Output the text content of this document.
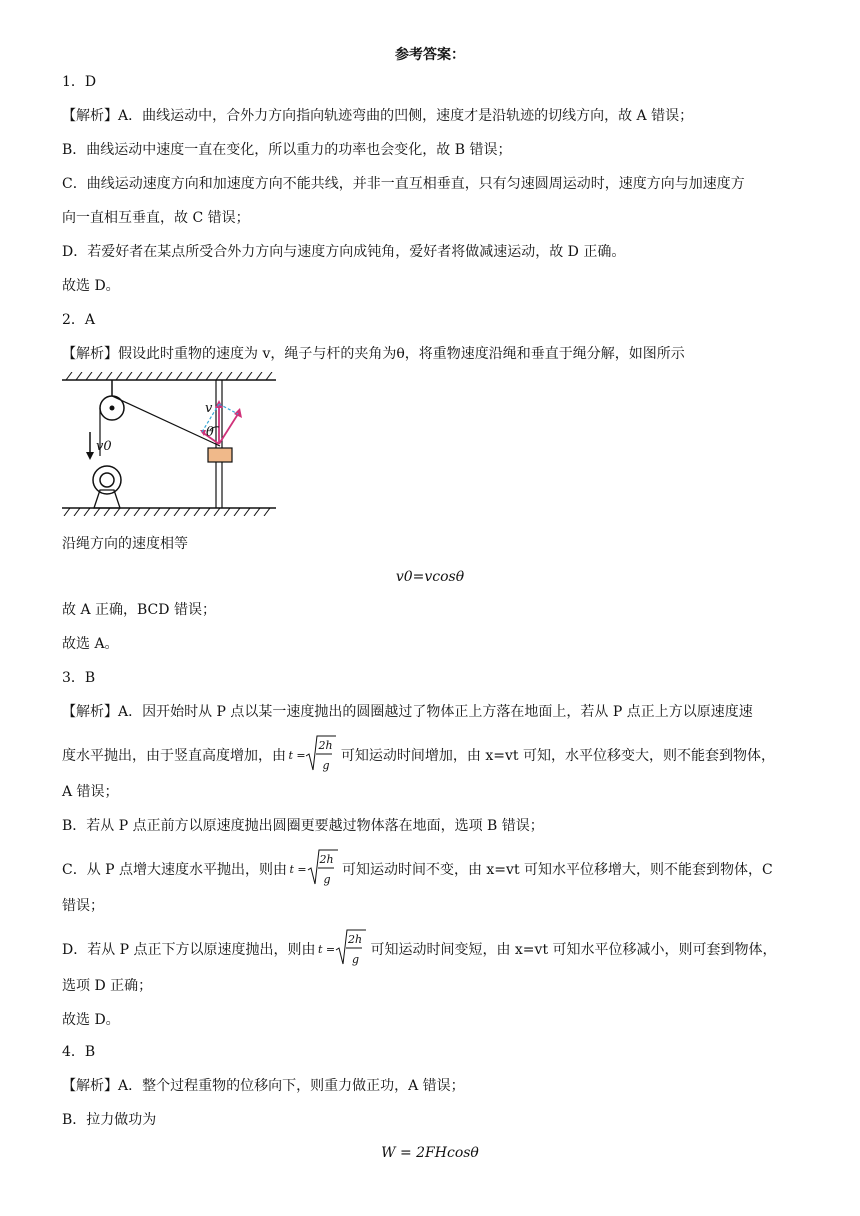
参考答案：
1．D
【解析】A．曲线运动中，合外力方向指向轨迹弯曲的凹侧，速度才是沿轨迹的切线方向，故 A 错误；
B．曲线运动中速度一直在变化，所以重力的功率也会变化，故 B 错误；
C．曲线运动速度方向和加速度方向不能共线，并非一直互相垂直，只有匀速圆周运动时，速度方向与加速度方
向一直相互垂直，故 C 错误；
D．若爱好者在某点所受合外力方向与速度方向成钝角，爱好者将做减速运动，故 D 正确。
故选 D。
2．A
【解析】假设此时重物的速度为 v，绳子与杆的夹角为θ，将重物速度沿绳和垂直于绳分解，如图所示
v0
v
θ
沿绳方向的速度相等
v0=vcosθ
故 A 正确，BCD 错误；
故选 A。
3．B
【解析】A．因开始时从 P 点以某一速度抛出的圆圈越过了物体正上方落在地面上，若从 P 点正上方以原速度速
度水平抛出，由于竖直高度增加，由 t =
2h
g
可知运动时间增加，由 x=vt 可知，水平位移变大，则不能套到物体，
A 错误；
B．若从 P 点正前方以原速度抛出圆圈更要越过物体落在地面，选项 B 错误；
C．从 P 点增大速度水平抛出，则由 t =
2h
g
可知运动时间不变，由 x=vt 可知水平位移增大，则不能套到物体，C
错误；
D．若从 P 点正下方以原速度抛出，则由 t =
2h
g
可知运动时间变短，由 x=vt 可知水平位移减小，则可套到物体，
选项 D 正确；
故选 D。
4．B
【解析】A．整个过程重物的位移向下，则重力做正功，A 错误；
B．拉力做功为
W = 2FHcosθ
